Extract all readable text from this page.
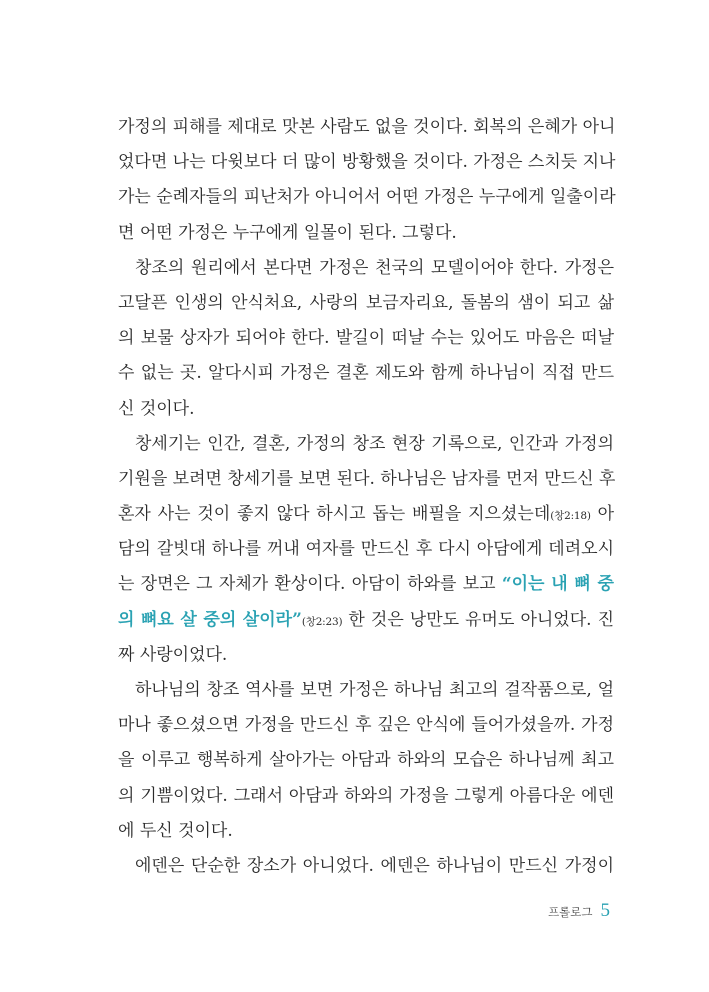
가정의 피해를 제대로 맛본 사람도 없을 것이다. 회복의 은혜가 아니
었다면 나는 다윗보다 더 많이 방황했을 것이다. 가정은 스치듯 지나
가는 순례자들의 피난처가 아니어서 어떤 가정은 누구에게 일출이라
면 어떤 가정은 누구에게 일몰이 된다. 그렇다.
창조의 원리에서 본다면 가정은 천국의 모델이어야 한다. 가정은
고달픈 인생의 안식처요, 사랑의 보금자리요, 돌봄의 샘이 되고 삶
의 보물 상자가 되어야 한다. 발길이 떠날 수는 있어도 마음은 떠날
수 없는 곳. 알다시피 가정은 결혼 제도와 함께 하나님이 직접 만드
신 것이다.
창세기는 인간, 결혼, 가정의 창조 현장 기록으로, 인간과 가정의
기원을 보려면 창세기를 보면 된다. 하나님은 남자를 먼저 만드신 후
혼자 사는 것이 좋지 않다 하시고 돕는 배필을 지으셨는데(창2:18) 아
담의 갈빗대 하나를 꺼내 여자를 만드신 후 다시 아담에게 데려오시
는 장면은 그 자체가 환상이다. 아담이 하와를 보고 “이는 내 뼈 중
의 뼈요 살 중의 살이라”(창2:23) 한 것은 낭만도 유머도 아니었다. 진
짜 사랑이었다.
하나님의 창조 역사를 보면 가정은 하나님 최고의 걸작품으로, 얼
마나 좋으셨으면 가정을 만드신 후 깊은 안식에 들어가셨을까. 가정
을 이루고 행복하게 살아가는 아담과 하와의 모습은 하나님께 최고
의 기쁨이었다. 그래서 아담과 하와의 가정을 그렇게 아름다운 에덴
에 두신 것이다.
에덴은 단순한 장소가 아니었다. 에덴은 하나님이 만드신 가정이
프롤로그 5
